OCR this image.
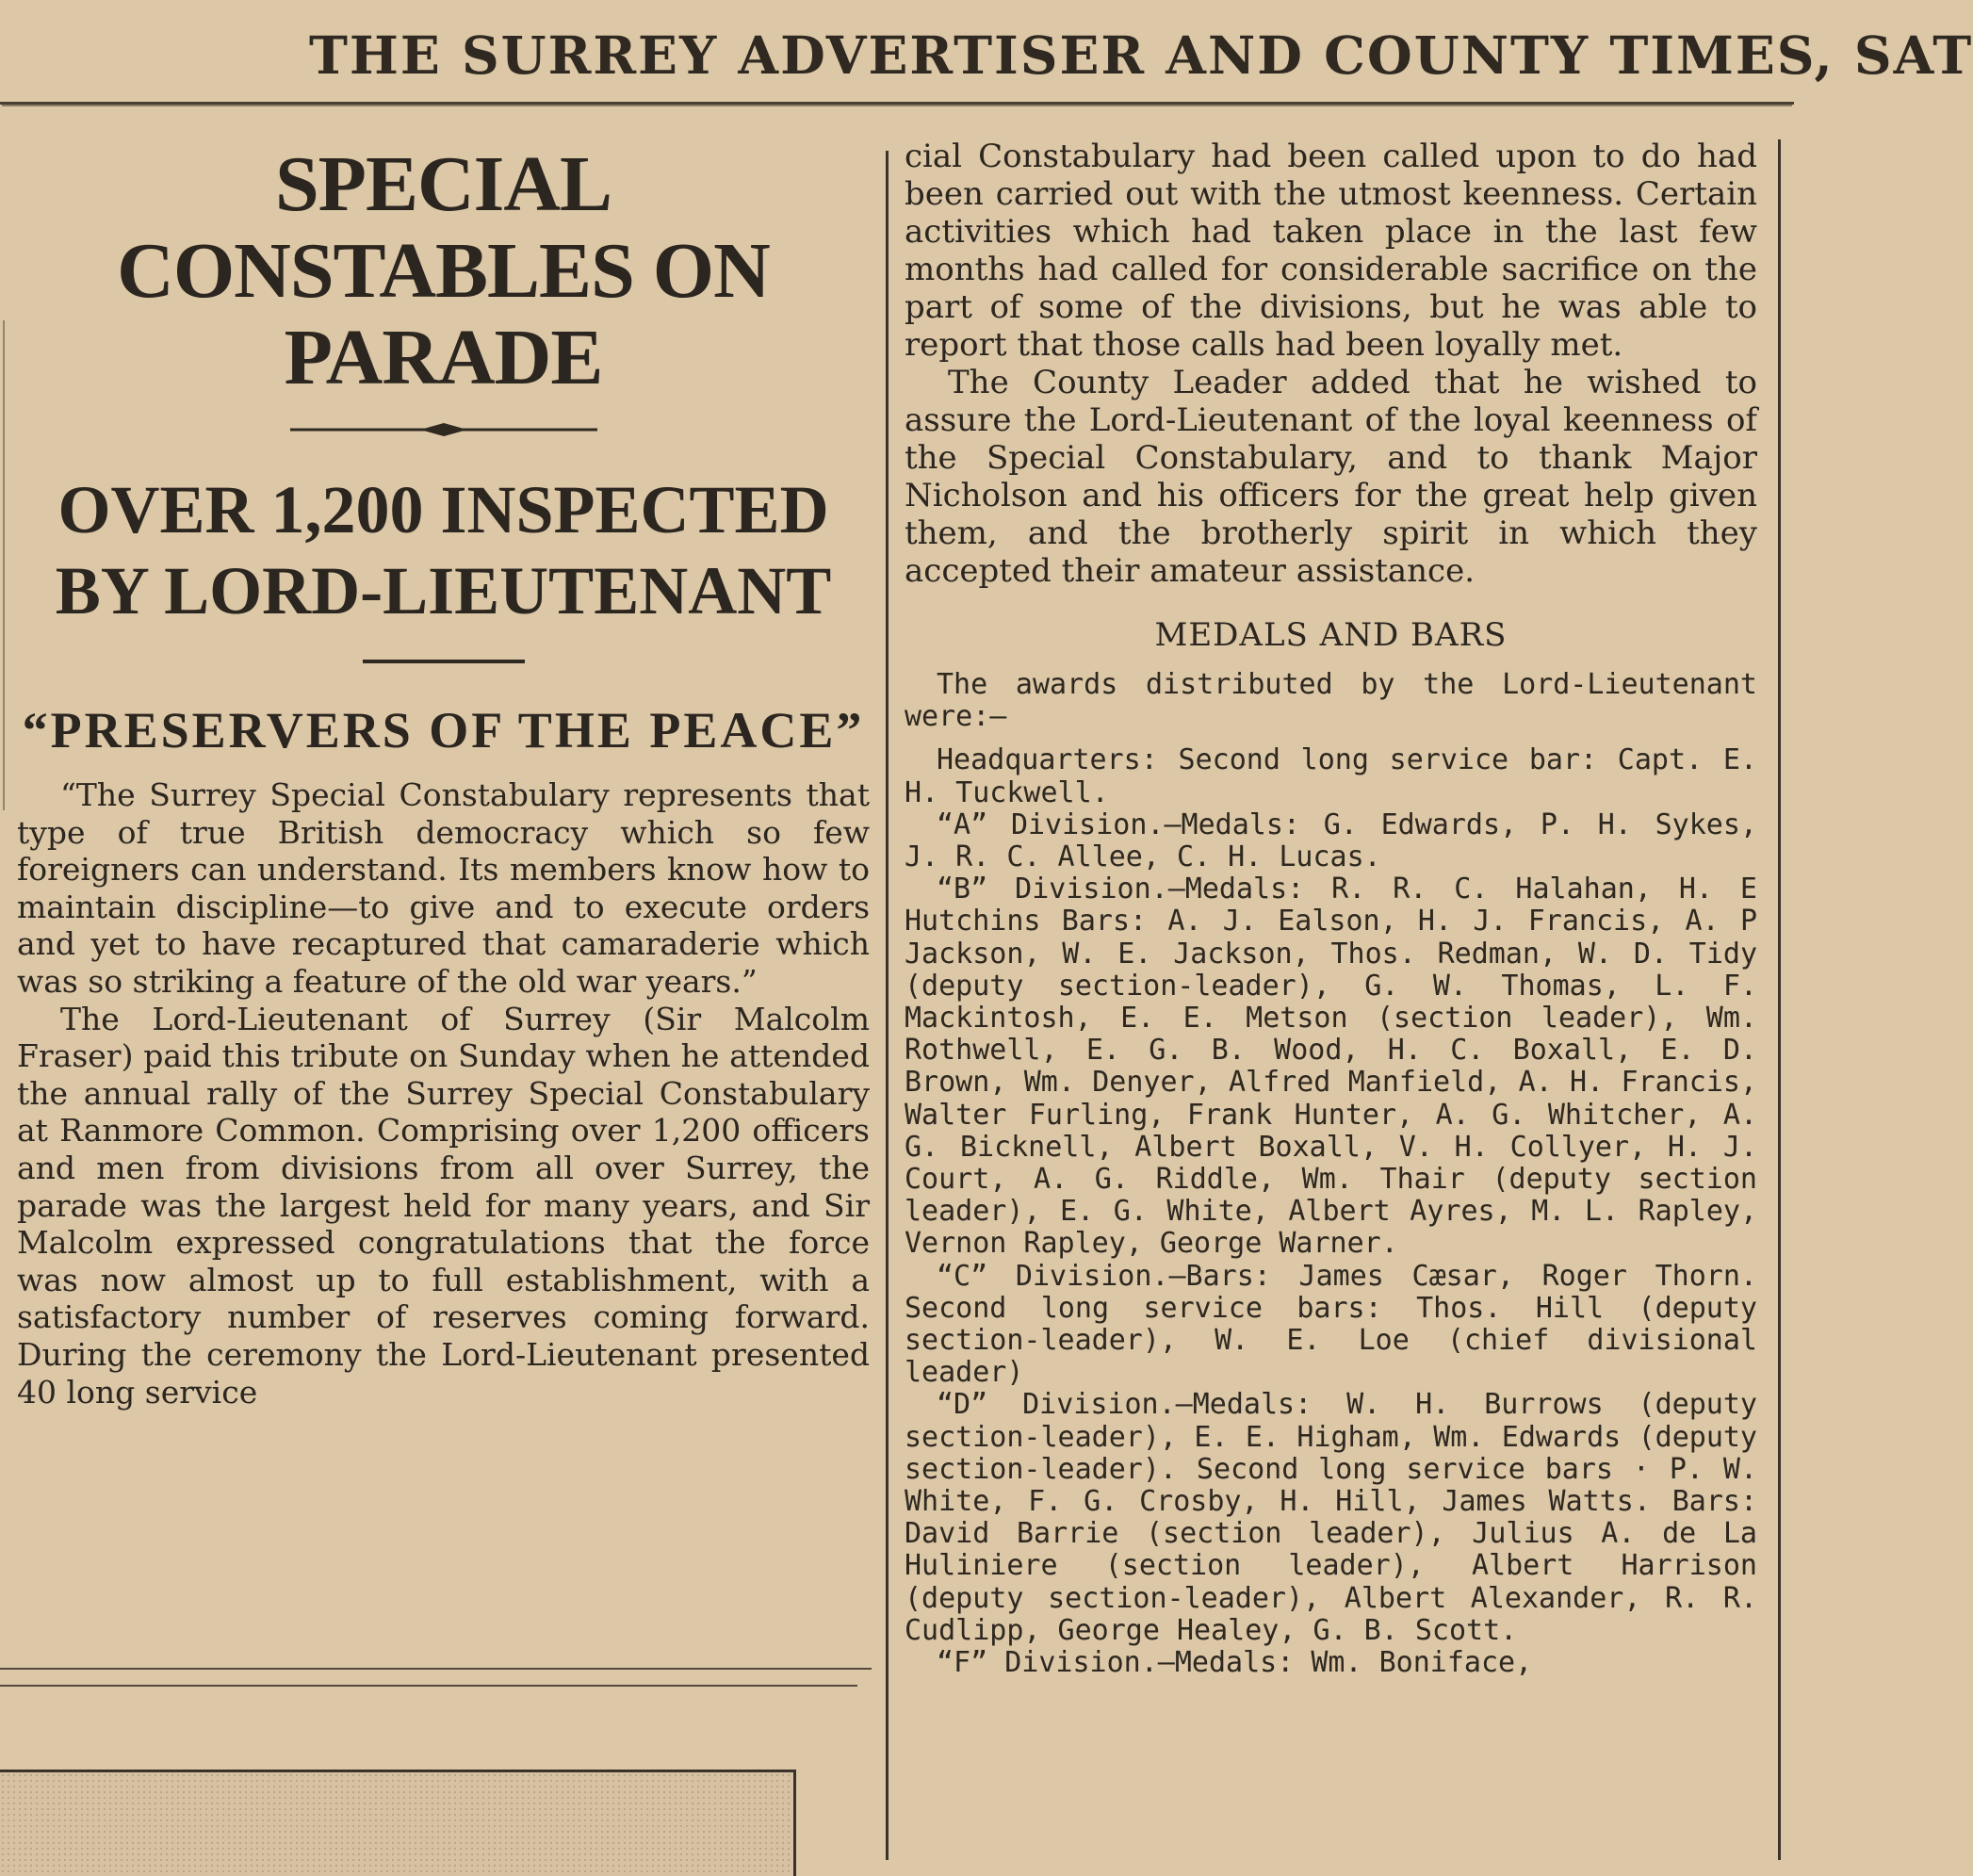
THE SURREY ADVERTISER AND COUNTY TIMES, SAT
SPECIAL CONSTABLES ON PARADE
OVER 1,200 INSPECTED BY LORD-LIEUTENANT
“PRESERVERS OF THE PEACE”

“The Surrey Special Constabulary represents that type of true British democracy which so few foreigners can understand. Its members know how to maintain discipline—to give and to execute orders and yet to have recaptured that camaraderie which was so striking a feature of the old war years.”

The Lord-Lieutenant of Surrey (Sir Malcolm Fraser) paid this tribute on Sunday when he attended the annual rally of the Surrey Special Constabulary at Ranmore Common. Comprising over 1,200 officers and men from divisions from all over Surrey, the parade was the largest held for many years, and Sir Malcolm expressed congratulations that the force was now almost up to full establishment, with a satisfactory number of reserves coming forward. During the ceremony the Lord-Lieutenant presented 40 long service

cial Constabulary had been called upon to do had been carried out with the utmost keenness. Certain activities which had taken place in the last few months had called for considerable sacrifice on the part of some of the divisions, but he was able to report that those calls had been loyally met.

The County Leader added that he wished to assure the Lord-Lieutenant of the loyal keenness of the Special Constabulary, and to thank Major Nicholson and his officers for the great help given them, and the brotherly spirit in which they accepted their amateur assistance.

MEDALS AND BARS

The awards distributed by the Lord-Lieutenant were:—

Headquarters: Second long service bar: Capt. E. H. Tuckwell.

“A” Division.—Medals: G. Edwards, P. H. Sykes, J. R. C. Allee, C. H. Lucas.

“B” Division.—Medals: R. R. C. Halahan, H. E Hutchins Bars: A. J. Ealson, H. J. Francis, A. P Jackson, W. E. Jackson, Thos. Redman, W. D. Tidy (deputy section-leader), G. W. Thomas, L. F. Mackintosh, E. E. Metson (section leader), Wm. Rothwell, E. G. B. Wood, H. C. Boxall, E. D. Brown, Wm. Denyer, Alfred Manfield, A. H. Francis, Walter Furling, Frank Hunter, A. G. Whitcher, A. G. Bicknell, Albert Boxall, V. H. Collyer, H. J. Court, A. G. Riddle, Wm. Thair (deputy section leader), E. G. White, Albert Ayres, M. L. Rapley, Vernon Rapley, George Warner.

“C” Division.—Bars: James Cæsar, Roger Thorn. Second long service bars: Thos. Hill (deputy section-leader), W. E. Loe (chief divisional leader)

“D” Division.—Medals: W. H. Burrows (deputy section-leader), E. E. Higham, Wm. Edwards (deputy section-leader). Second long service bars · P. W. White, F. G. Crosby, H. Hill, James Watts. Bars: David Barrie (section leader), Julius A. de La Huliniere (section leader), Albert Harrison (deputy section-leader), Albert Alexander, R. R. Cudlipp, George Healey, G. B. Scott.

“F” Division.—Medals: Wm. Boniface,
